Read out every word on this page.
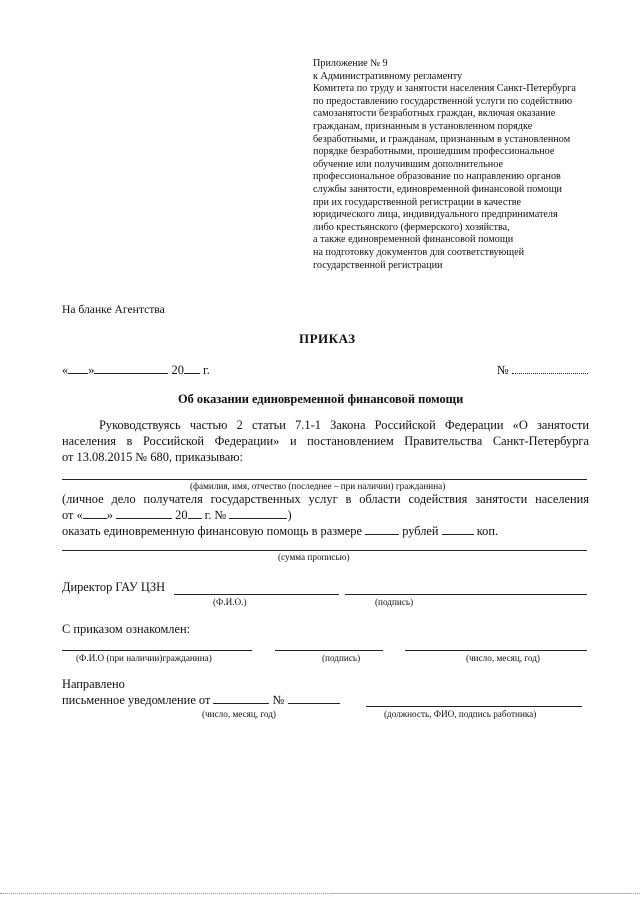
Приложение № 9
к Административному регламенту
Комитета по труду и занятости населения Санкт-Петербурга
по предоставлению государственной услуги по содействию
самозанятости безработных граждан, включая оказание
гражданам, признанным в установленном порядке
безработными, и гражданам, признанным в установленном
порядке безработными, прошедшим профессиональное
обучение или получившим дополнительное
профессиональное образование по направлению органов
службы занятости, единовременной финансовой помощи
при их государственной регистрации в качестве
юридического лица, индивидуального предпринимателя
либо крестьянского (фермерского) хозяйства,
а также единовременной финансовой помощи
на подготовку документов для соответствующей
государственной регистрации
На бланке Агентства
ПРИКАЗ
« »	20 г.	№
Об оказании единовременной финансовой помощи
Руководствуясь частью 2 статьи 7.1-1 Закона Российской Федерации «О занятости
населения в Российской Федерации» и постановлением Правительства Санкт-Петербурга
от 13.08.2015 № 680, приказываю:
(фамилия, имя, отчество (последнее – при наличии) гражданина)
(личное дело получателя государственных услуг в области содействия занятости населения
от « »	20 г. №	)
оказать единовременную финансовую помощь в размере	рублей	коп.
(сумма прописью)
Директор ГАУ ЦЗН
(Ф.И.О.)	(подпись)
С приказом ознакомлен:
(Ф.И.О (при наличии)гражданина)	(подпись)	(число, месяц, год)
Направлено
письменное уведомление от	№
(число, месяц, год)	(должность, ФИО, подпись работника)
